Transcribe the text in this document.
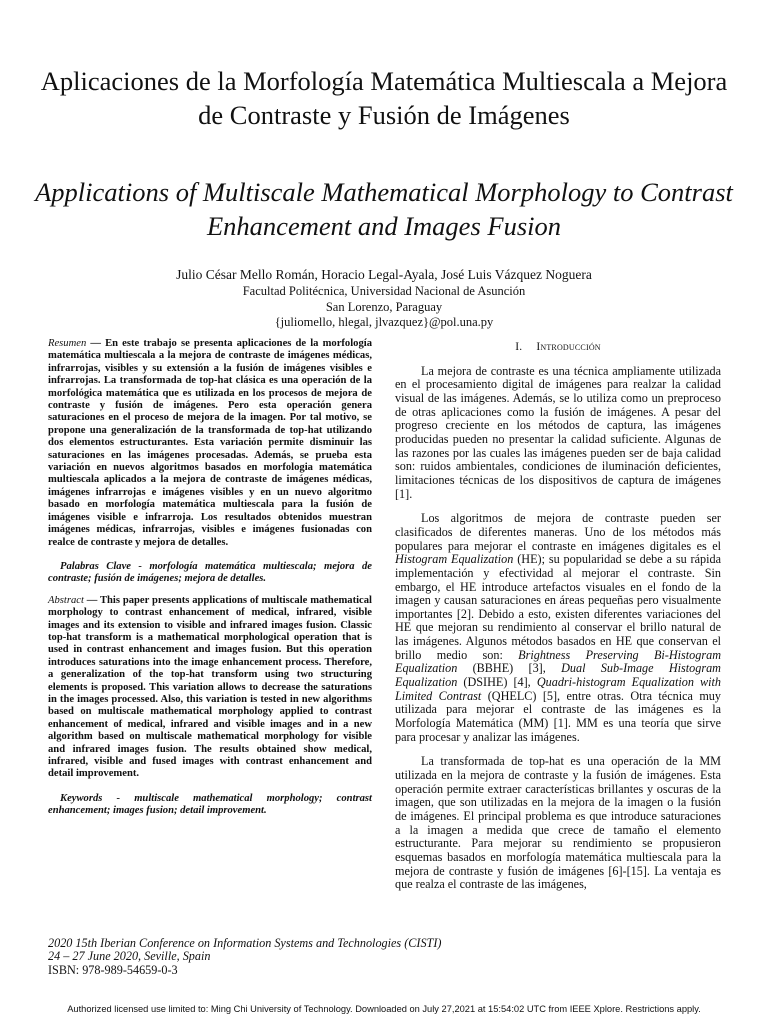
Aplicaciones de la Morfología Matemática Multiescala a Mejora de Contraste y Fusión de Imágenes
Applications of Multiscale Mathematical Morphology to Contrast Enhancement and Images Fusion
Julio César Mello Román, Horacio Legal-Ayala, José Luis Vázquez Noguera
Facultad Politécnica, Universidad Nacional de Asunción
San Lorenzo, Paraguay
{juliomello, hlegal, jlvazquez}@pol.una.py

Resumen — En este trabajo se presenta aplicaciones de la morfología matemática multiescala a la mejora de contraste de imágenes médicas, infrarrojas, visibles y su extensión a la fusión de imágenes visibles e infrarrojas. La transformada de top-hat clásica es una operación de la morfológica matemática que es utilizada en los procesos de mejora de contraste y fusión de imágenes. Pero esta operación genera saturaciones en el proceso de mejora de la imagen. Por tal motivo, se propone una generalización de la transformada de top-hat utilizando dos elementos estructurantes. Esta variación permite disminuir las saturaciones en las imágenes procesadas. Además, se prueba esta variación en nuevos algoritmos basados en morfologia matemática multiescala aplicados a la mejora de contraste de imágenes médicas, imágenes infrarrojas e imágenes visibles y en un nuevo algoritmo basado en morfología matemática multiescala para la fusión de imágenes visible e infrarroja. Los resultados obtenidos muestran imágenes médicas, infrarrojas, visibles e imágenes fusionadas con realce de contraste y mejora de detalles.

Palabras Clave - morfología matemática multiescala; mejora de contraste; fusión de imágenes; mejora de detalles.

Abstract — This paper presents applications of multiscale mathematical morphology to contrast enhancement of medical, infrared, visible images and its extension to visible and infrared images fusion. Classic top-hat transform is a mathematical morphological operation that is used in contrast enhancement and images fusion. But this operation introduces saturations into the image enhancement process. Therefore, a generalization of the top-hat transform using two structuring elements is proposed. This variation allows to decrease the saturations in the images processed. Also, this variation is tested in new algorithms based on multiscale mathematical morphology applied to contrast enhancement of medical, infrared and visible images and in a new algorithm based on multiscale mathematical morphology for visible and infrared images fusion. The results obtained show medical, infrared, visible and fused images with contrast enhancement and detail improvement.

Keywords - multiscale mathematical morphology; contrast enhancement; images fusion; detail improvement.

I. Introducción

La mejora de contraste es una técnica ampliamente utilizada en el procesamiento digital de imágenes para realzar la calidad visual de las imágenes. Además, se lo utiliza como un preproceso de otras aplicaciones como la fusión de imágenes. A pesar del progreso creciente en los métodos de captura, las imágenes producidas pueden no presentar la calidad suficiente. Algunas de las razones por las cuales las imágenes pueden ser de baja calidad son: ruidos ambientales, condiciones de iluminación deficientes, limitaciones técnicas de los dispositivos de captura de imágenes [1].

Los algoritmos de mejora de contraste pueden ser clasificados de diferentes maneras. Uno de los métodos más populares para mejorar el contraste en imágenes digitales es el Histogram Equalization (HE); su popularidad se debe a su rápida implementación y efectividad al mejorar el contraste. Sin embargo, el HE introduce artefactos visuales en el fondo de la imagen y causan saturaciones en áreas pequeñas pero visualmente importantes [2]. Debido a esto, existen diferentes variaciones del HE que mejoran su rendimiento al conservar el brillo natural de las imágenes. Algunos métodos basados en HE que conservan el brillo medio son: Brightness Preserving Bi-Histogram Equalization (BBHE) [3], Dual Sub-Image Histogram Equalization (DSIHE) [4], Quadri-histogram Equalization with Limited Contrast (QHELC) [5], entre otras. Otra técnica muy utilizada para mejorar el contraste de las imágenes es la Morfología Matemática (MM) [1]. MM es una teoría que sirve para procesar y analizar las imágenes.

La transformada de top-hat es una operación de la MM utilizada en la mejora de contraste y la fusión de imágenes. Esta operación permite extraer características brillantes y oscuras de la imagen, que son utilizadas en la mejora de la imagen o la fusión de imágenes. El principal problema es que introduce saturaciones a la imagen a medida que crece de tamaño el elemento estructurante. Para mejorar su rendimiento se propusieron esquemas basados en morfología matemática multiescala para la mejora de contraste y fusión de imágenes [6]-[15]. La ventaja es que realza el contraste de las imágenes,

2020 15th Iberian Conference on Information Systems and Technologies (CISTI)
24 – 27 June 2020, Seville, Spain
ISBN: 978-989-54659-0-3
Authorized licensed use limited to: Ming Chi University of Technology. Downloaded on July 27,2021 at 15:54:02 UTC from IEEE Xplore. Restrictions apply.
